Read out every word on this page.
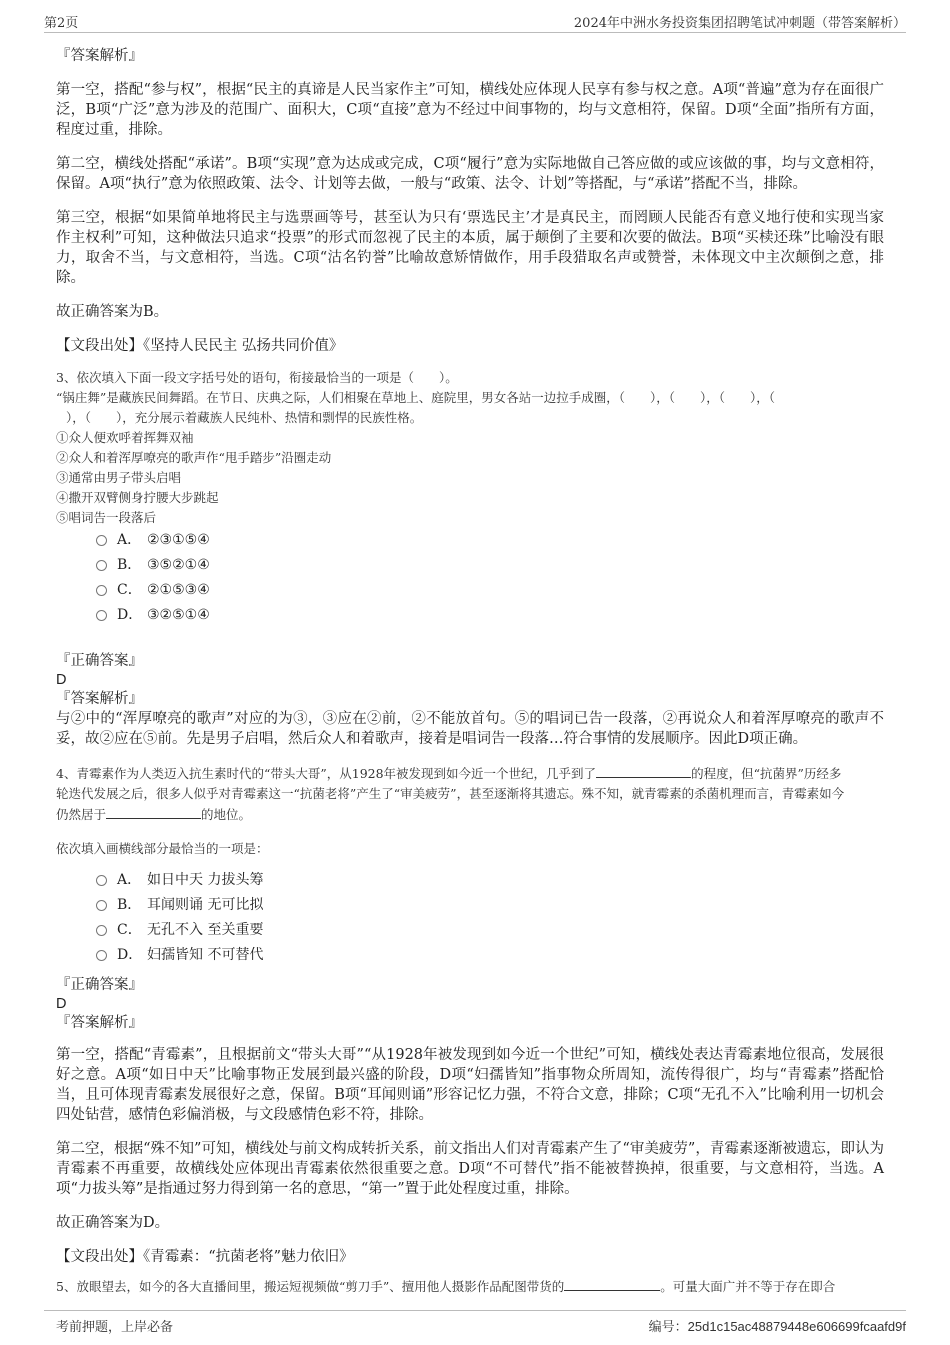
第2页	2024年中洲水务投资集团招聘笔试冲刺题（带答案解析）

『答案解析』

第一空，搭配“参与权”，根据“民主的真谛是人民当家作主”可知，横线处应体现人民享有参与权之意。A项“普遍”意为存在面很广泛，B项“广泛”意为涉及的范围广、面积大，C项“直接”意为不经过中间事物的，均与文意相符，保留。D项“全面”指所有方面，程度过重，排除。

第二空，横线处搭配“承诺”。B项“实现”意为达成或完成，C项“履行”意为实际地做自己答应做的或应该做的事，均与文意相符，保留。A项“执行”意为依照政策、法令、计划等去做，一般与“政策、法令、计划”等搭配，与“承诺”搭配不当，排除。

第三空，根据“如果简单地将民主与选票画等号，甚至认为只有‘票选民主’才是真民主，而罔顾人民能否有意义地行使和实现当家作主权利”可知，这种做法只追求“投票”的形式而忽视了民主的本质，属于颠倒了主要和次要的做法。B项“买椟还珠”比喻没有眼力，取舍不当，与文意相符，当选。C项“沽名钓誉”比喻故意矫情做作，用手段猎取名声或赞誉，未体现文中主次颠倒之意，排除。

故正确答案为B。

【文段出处】《坚持人民民主 弘扬共同价值》

3、依次填入下面一段文字括号处的语句，衔接最恰当的一项是（　　）。

“锅庄舞”是藏族民间舞蹈。在节日、庆典之际，人们相聚在草地上、庭院里，男女各站一边拉手成圈，（　　），（　　），（　　），（

），（　　），充分展示着藏族人民纯朴、热情和剽悍的民族性格。

①众人便欢呼着挥舞双袖

②众人和着浑厚嘹亮的歌声作“甩手踏步”沿圈走动

③通常由男子带头启唱

④撒开双臂侧身拧腰大步跳起

⑤唱词告一段落后

A． ②③①⑤④
B． ③⑤②①④
C． ②①⑤③④
D． ③②⑤①④

『正确答案』

D

『答案解析』

与②中的“浑厚嘹亮的歌声”对应的为③，③应在②前，②不能放首句。⑤的唱词已告一段落，②再说众人和着浑厚嘹亮的歌声不妥，故②应在⑤前。先是男子启唱，然后众人和着歌声，接着是唱词告一段落…符合事情的发展顺序。因此D项正确。

4、青霉素作为人类迈入抗生素时代的“带头大哥”，从1928年被发现到如今近一个世纪，几乎到了	的程度，但“抗菌界”历经多

轮迭代发展之后，很多人似乎对青霉素这一“抗菌老将”产生了“审美疲劳”，甚至逐渐将其遗忘。殊不知，就青霉素的杀菌机理而言，青霉素如今

仍然居于	的地位。

依次填入画横线部分最恰当的一项是：

A． 如日中天 力拔头筹
B． 耳闻则诵 无可比拟
C． 无孔不入 至关重要
D． 妇孺皆知 不可替代

『正确答案』

D

『答案解析』

第一空，搭配“青霉素”，且根据前文“带头大哥”“从1928年被发现到如今近一个世纪”可知，横线处表达青霉素地位很高，发展很好之意。A项“如日中天”比喻事物正发展到最兴盛的阶段，D项“妇孺皆知”指事物众所周知，流传得很广，均与“青霉素”搭配恰当，且可体现青霉素发展很好之意，保留。B项“耳闻则诵”形容记忆力强，不符合文意，排除；C项“无孔不入”比喻利用一切机会四处钻营，感情色彩偏消极，与文段感情色彩不符，排除。

第二空，根据“殊不知”可知，横线处与前文构成转折关系，前文指出人们对青霉素产生了“审美疲劳”，青霉素逐渐被遗忘，即认为青霉素不再重要，故横线处应体现出青霉素依然很重要之意。D项“不可替代”指不能被替换掉，很重要，与文意相符，当选。A项“力拔头筹”是指通过努力得到第一名的意思，“第一”置于此处程度过重，排除。

故正确答案为D。

【文段出处】《青霉素：“抗菌老将”魅力依旧》

5、放眼望去，如今的各大直播间里，搬运短视频做“剪刀手”、擅用他人摄影作品配图带货的	。可量大面广并不等于存在即合

考前押题，上岸必备	编号：25d1c15ac48879448e606699fcaafd9f
